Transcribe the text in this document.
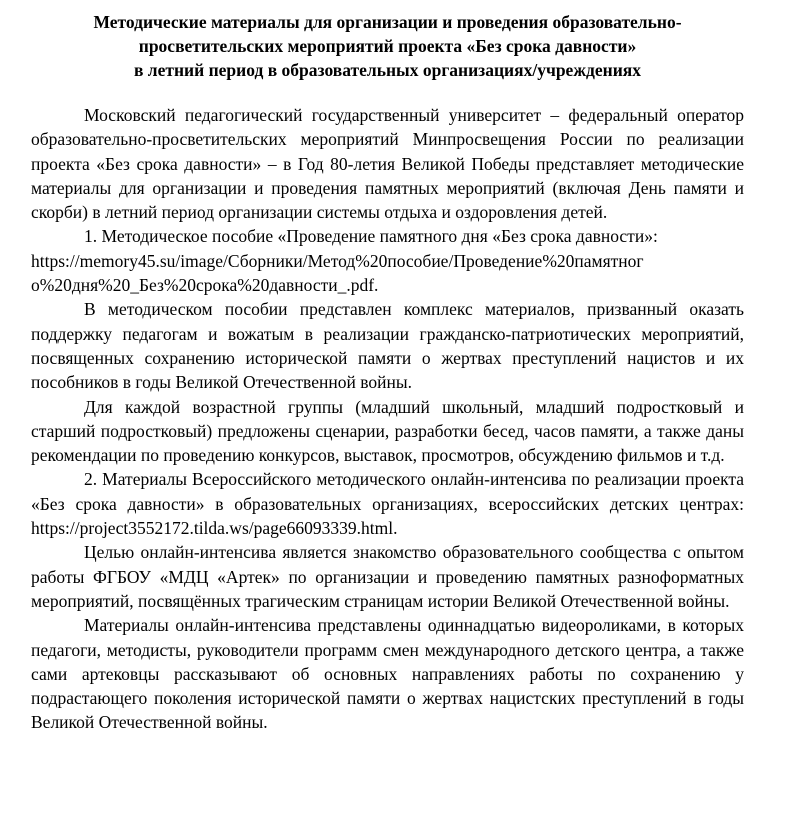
Методические материалы для организации и проведения образовательно-
просветительских мероприятий проекта «Без срока давности»
в летний период в образовательных организациях/учреждениях

Московский педагогический государственный университет – федеральный оператор образовательно-просветительских мероприятий Минпросвещения России по реализации проекта «Без срока давности» – в Год 80-летия Великой Победы представляет методические материалы для организации и проведения памятных мероприятий (включая День памяти и скорби) в летний период организации системы отдыха и оздоровления детей.

1. Методическое пособие «Проведение памятного дня «Без срока давности»:
https://memory45.su/image/Сборники/Метод%20пособие/Проведение%20памятног
о%20дня%20_Без%20срока%20давности_.pdf.

В методическом пособии представлен комплекс материалов, призванный оказать поддержку педагогам и вожатым в реализации гражданско-патриотических мероприятий, посвященных сохранению исторической памяти о жертвах преступлений нацистов и их пособников в годы Великой Отечественной войны.

Для каждой возрастной группы (младший школьный, младший подростковый и старший подростковый) предложены сценарии, разработки бесед, часов памяти, а также даны рекомендации по проведению конкурсов, выставок, просмотров, обсуждению фильмов и т.д.

2. Материалы Всероссийского методического онлайн-интенсива по реализации проекта «Без срока давности» в образовательных организациях, всероссийских детских центрах: https://project3552172.tilda.ws/page66093339.html.

Целью онлайн-интенсива является знакомство образовательного сообщества с опытом работы ФГБОУ «МДЦ «Артек» по организации и проведению памятных разноформатных мероприятий, посвящённых трагическим страницам истории Великой Отечественной войны.

Материалы онлайн-интенсива представлены одиннадцатью видеороликами, в которых педагоги, методисты, руководители программ смен международного детского центра, а также сами артековцы рассказывают об основных направлениях работы по сохранению у подрастающего поколения исторической памяти о жертвах нацистских преступлений в годы Великой Отечественной войны.
